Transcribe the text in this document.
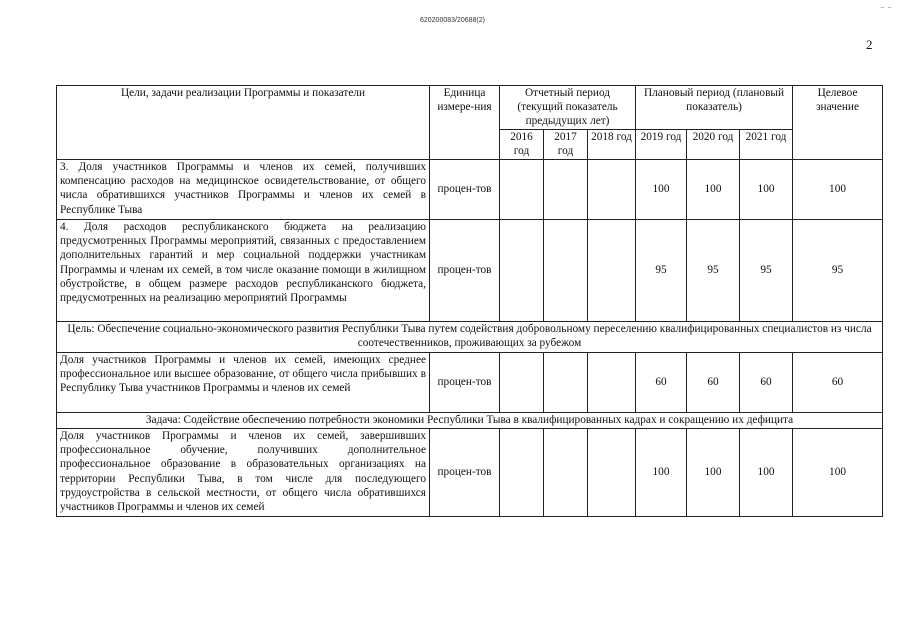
⁻ ⁻
620200083/20688(2)
2
Цели, задачи реализации Программы и показатели	Единица измере-ния	Отчетный период (текущий показатель предыдущих лет)			Плановый период (плановый показатель)			Целевое значение
		2016 год	2017 год	2018 год	2019 год	2020 год	2021 год	
3. Доля участников Программы и членов их семей, получивших компенсацию расходов на медицинское освидетельствование, от общего числа обратившихся участников Программы и членов их семей в Республике Тыва	процен-тов				100	100	100	100
4. Доля расходов республиканского бюджета на реализацию предусмотренных Программы мероприятий, связанных с предоставлением дополнительных гарантий и мер социальной поддержки участникам Программы и членам их семей, в том числе оказание помощи в жилищном обустройстве, в общем размере расходов республиканского бюджета, предусмотренных на реализацию мероприятий Программы	процен-тов				95	95	95	95
Цель: Обеспечение социально-экономического развития Республики Тыва путем содействия добровольному переселению квалифицированных специалистов из числа соотечественников, проживающих за рубежом								
Доля участников Программы и членов их семей, имеющих среднее профессиональное или высшее образование, от общего числа прибывших в Республику Тыва участников Программы и членов их семей	процен-тов				60	60	60	60
Задача: Содействие обеспечению потребности экономики Республики Тыва в квалифицированных кадрах и сокращению их дефицита								
Доля участников Программы и членов их семей, завершивших профессиональное обучение, получивших дополнительное профессиональное образование в образовательных организациях на территории Республики Тыва, в том числе для последующего трудоустройства в сельской местности, от общего числа обратившихся участников Программы и членов их семей	процен-тов				100	100	100	100
